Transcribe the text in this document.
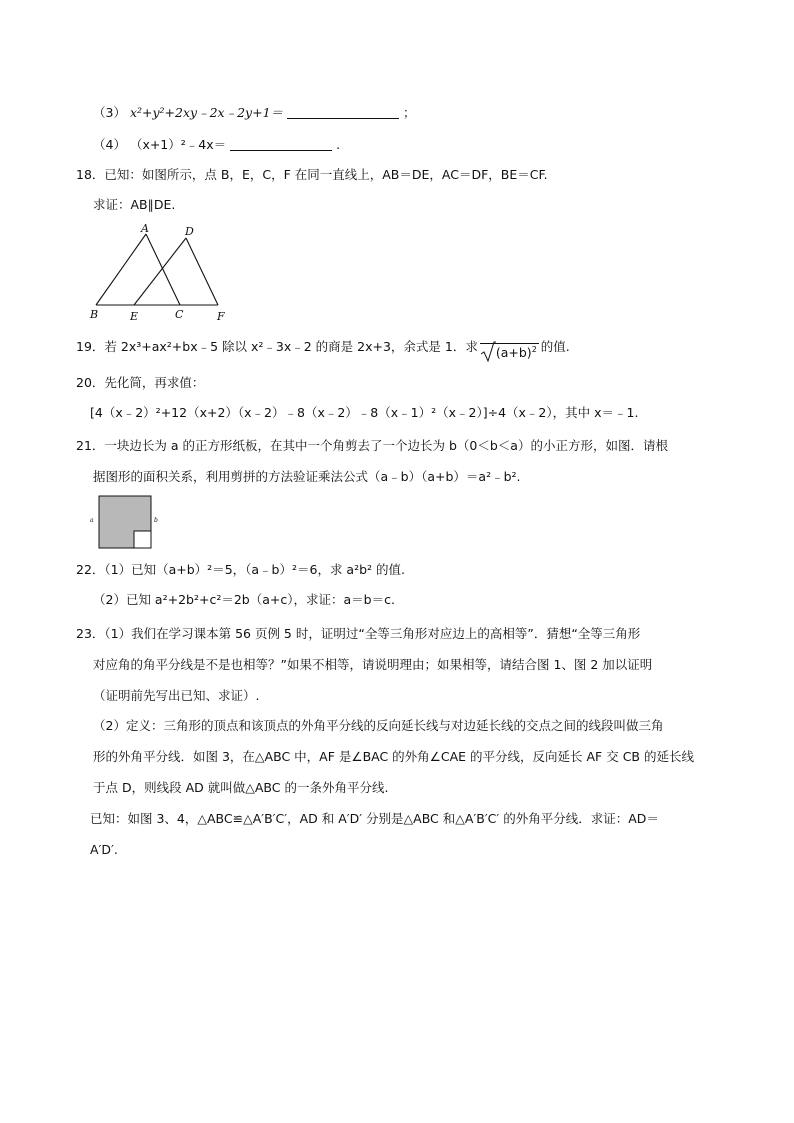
（3） x²+y²+2xy﹣2x﹣2y+1＝	；
（4） （x+1）²﹣4x＝	.
18．已知：如图所示，点 B，E，C，F 在同一直线上，AB＝DE，AC＝DF，BE＝CF.
求证：AB∥DE.
A	D
B	E	C	F
19．若 2x³+ax²+bx﹣5 除以 x²﹣3x﹣2 的商是 2x+3，余式是 1．求 $(a+b)^2$ 的值.
20．先化简，再求值：
[4（x﹣2）²+12（x+2）（x﹣2）﹣8（x﹣2）﹣8（x﹣1）²（x﹣2）]÷4（x﹣2），其中 x＝﹣1.
21．一块边长为 a 的正方形纸板，在其中一个角剪去了一个边长为 b（0＜b＜a）的小正方形，如图．请根
据图形的面积关系，利用剪拼的方法验证乘法公式（a﹣b）（a+b）＝a²﹣b².
a	b
22．（1）已知（a+b）²＝5，（a﹣b）²＝6，求 a²b² 的值.
（2）已知 a²+2b²+c²＝2b（a+c），求证：a＝b＝c.
23．（1）我们在学习课本第 56 页例 5 时，证明过“全等三角形对应边上的高相等”．猜想“全等三角形
对应角的角平分线是不是也相等？”如果不相等，请说明理由；如果相等，请结合图 1、图 2 加以证明
（证明前先写出已知、求证）.
（2）定义：三角形的顶点和该顶点的外角平分线的反向延长线与对边延长线的交点之间的线段叫做三角
形的外角平分线．如图 3，在△ABC 中，AF 是∠BAC 的外角∠CAE 的平分线，反向延长 AF 交 CB 的延长线
于点 D，则线段 AD 就叫做△ABC 的一条外角平分线.
已知：如图 3、4，△ABC≌△A′B′C′，AD 和 A′D′ 分别是△ABC 和△A′B′C′ 的外角平分线．求证：AD＝
A′D′.
